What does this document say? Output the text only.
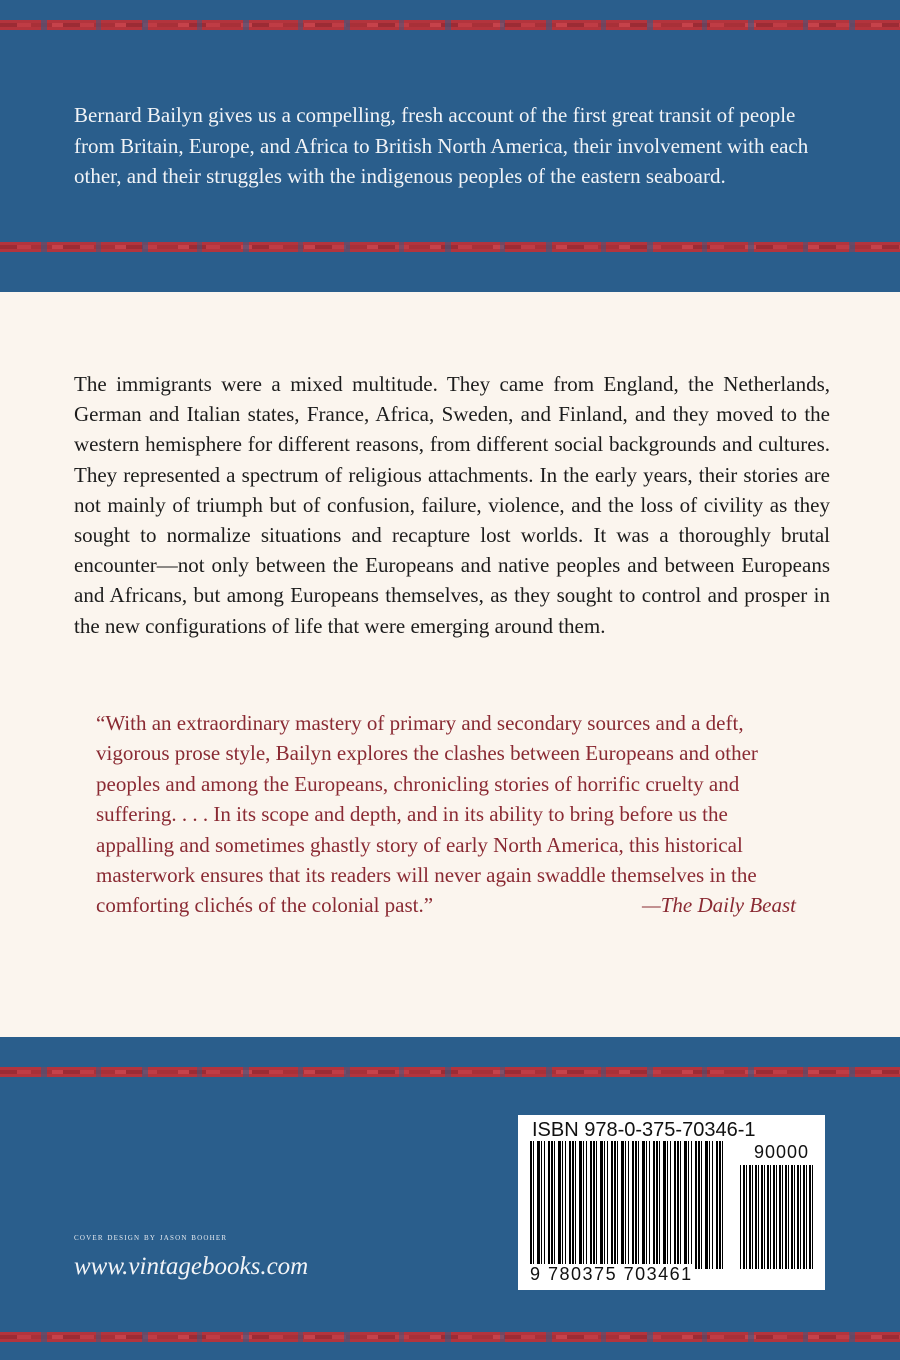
Bernard Bailyn gives us a compelling, fresh account of the first great transit of people from Britain, Europe, and Africa to British North America, their involvement with each other, and their struggles with the indigenous peoples of the eastern seaboard.

The immigrants were a mixed multitude. They came from England, the Netherlands, German and Italian states, France, Africa, Sweden, and Finland, and they moved to the western hemisphere for different reasons, from different social backgrounds and cultures. They represented a spectrum of religious attachments. In the early years, their stories are not mainly of triumph but of confusion, failure, violence, and the loss of civility as they sought to normalize situations and recapture lost worlds. It was a thoroughly brutal encounter—not only between the Europeans and native peoples and between Europeans and Africans, but among Europeans themselves, as they sought to control and prosper in the new configurations of life that were emerging around them.

“With an extraordinary mastery of primary and secondary sources and a deft, vigorous prose style, Bailyn explores the clashes between Europeans and other peoples and among the Europeans, chronicling stories of horrific cruelty and suffering. . . . In its scope and depth, and in its ability to bring before us the appalling and sometimes ghastly story of early North America, this historical masterwork ensures that its readers will never again swaddle themselves in the comforting clichés of the colonial past.”	—The Daily Beast

cover design by jason booher
www.vintagebooks.com
ISBN 978-0-375-70346-1
90000
9 780375 703461
